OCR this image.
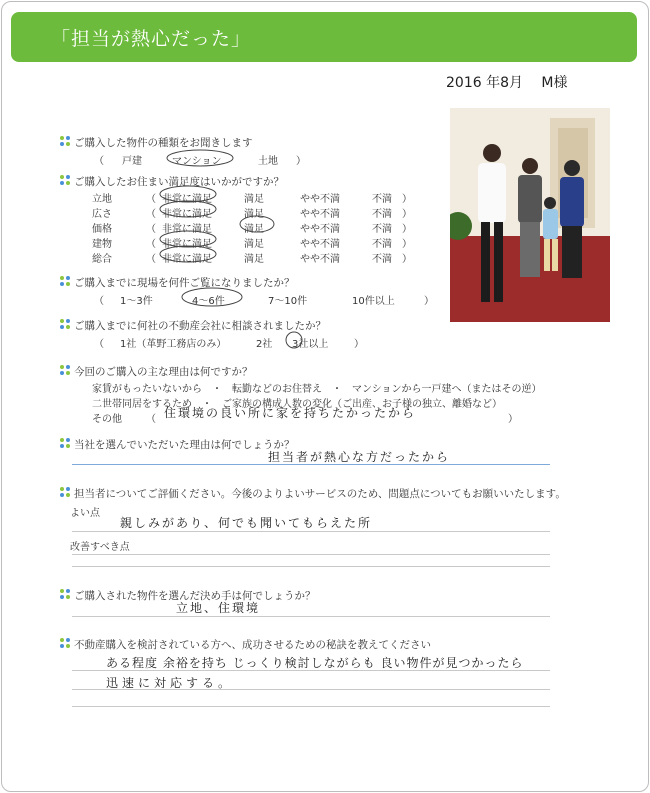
「担当が熱心だった」
2016 年8月　 M様
ご購入した物件の種類をお聞きします
（ 戸建	マンション	土地 ）
ご購入したお住まい満足度はいかがですか？
立地	（ 非常に満足	満足	やや不満	不満 ）
広さ	（ 非常に満足	満足	やや不満	不満 ）
価格	（ 非常に満足	満足	やや不満	不満 ）
建物	（ 非常に満足	満足	やや不満	不満 ）
総合	（ 非常に満足	満足	やや不満	不満 ）
ご購入までに現場を何件ご覧になりましたか？
（ 1～3件	4～6件	7～10件	10件以上	）
ご購入までに何社の不動産会社に相談されましたか？
（ 1社（革野工務店のみ）	2社 3社以上	）
今回のご購入の主な理由は何ですか？
家賃がもったいないから　・　転勤などのお住替え　・　マンションから一戸建へ（またはその逆）
二世帯同居をするため　・　ご家族の構成人数の変化（ご出産、お子様の独立、離婚など）
その他 （	）
住環境の良い所に家を持ちたかったから
当社を選んでいただいた理由は何でしょうか？
担当者が熱心な方だったから
担当者についてご評価ください。今後のよりよいサービスのため、問題点についてもお願いいたします。
よい点
親しみがあり、何でも聞いてもらえた所
改善すべき点
ご購入された物件を選んだ決め手は何でしょうか？
立地、住環境
不動産購入を検討されている方へ、成功させるための秘訣を教えてください
ある程度 余裕を持ち じっくり検討しながらも 良い物件が見つかったら
迅速に対応する。
